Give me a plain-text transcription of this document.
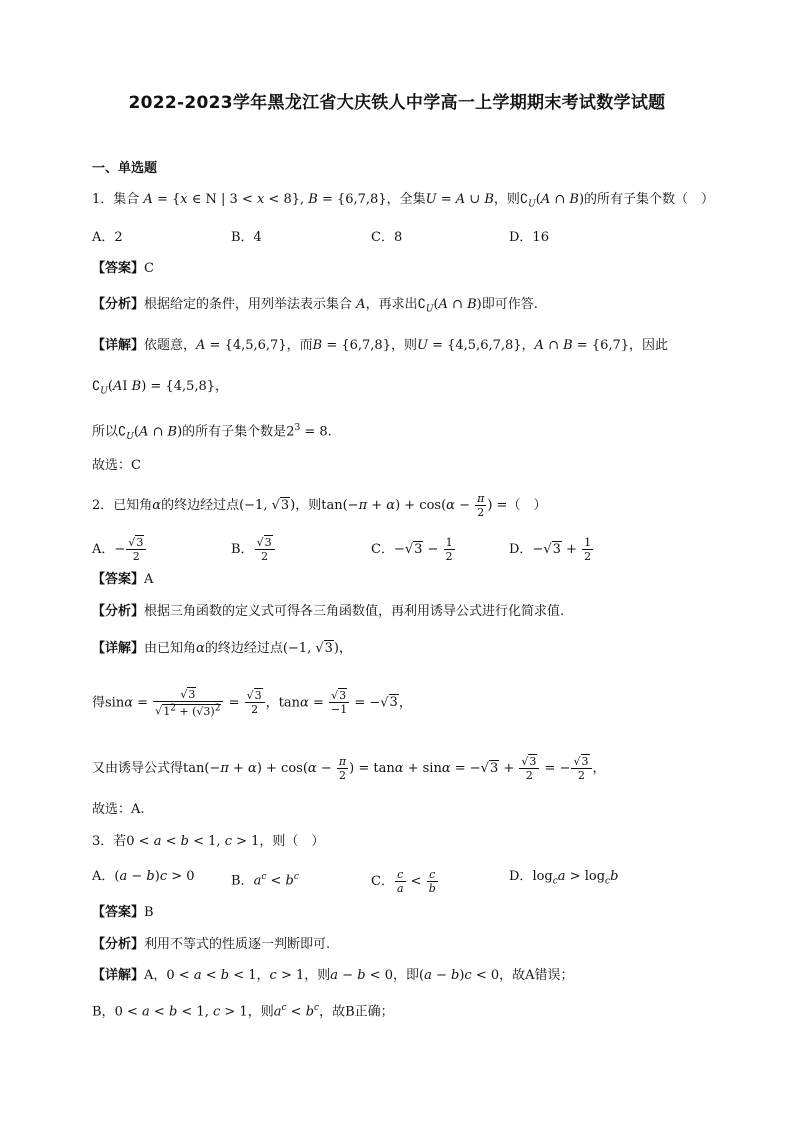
2022-2023学年黑龙江省大庆铁人中学高一上学期期末考试数学试题
一、单选题
1．集合 A = {x ∈ N | 3 < x < 8}, B = {6,7,8}，全集U = A ∪ B，则$∁_U(A$ ∩ B)的所有子集个数（　）
A．2	B．4	C．8	D．16
【答案】C
【分析】根据给定的条件，用列举法表示集合 A，再求出$∁_U(A$ ∩ B)即可作答.
【详解】依题意，A = {4,5,6,7}，而B = {6,7,8}，则U = {4,5,6,7,8}，A ∩ B = {6,7}，因此
$∁_U(AI$ B) = {4,5,8}，
所以$∁_U(A$ ∩ B)的所有子集个数是$2^3 = 8$.
故选：C
2．已知角α的终边经过点(−1, √3)，则$\tan(-\pi + \alpha) + \cos(\alpha - \frac{\pi}{2}$ ) =（　）
A．− $\frac{√3}{2}$	B． $\frac{√3}{2}$	C．$-√3 - \frac{1}{2}$	D．$-√3 + \frac{1}{2}$
【答案】A
【分析】根据三角函数的定义式可得各三角函数值，再利用诱导公式进行化简求值.
【详解】由已知角α的终边经过点(−1, √3)，
得$\sin\alpha = \frac{√3}{√1^2 + (√3)^2} = \frac{√3}{2}$ ，$\tan\alpha = \frac{√3}{-1} = -√3$，
又由诱导公式得$\tan(-\pi + \alpha) + \cos(\alpha - \frac{\pi}{2}$ ) = $\tan\alpha + \sin\alpha = -√3 + \frac{√3}{2}$ = − $\frac{√3}{2}$ ，
故选：A.
3．若0 < a < b < 1, c > 1，则（　）
A．(a − b)c > 0	B．$a^c < b^c$	C． $\frac{c}{a} < \frac{c}{b}$	D．$\log_ca > \log_cb$
【答案】B
【分析】利用不等式的性质逐一判断即可.
【详解】A，0 < a < b < 1，c > 1，则a − b < 0，即(a − b)c < 0，故A错误；
B，0 < a < b < 1, c > 1，则$a^c < b^c$，故B正确；
